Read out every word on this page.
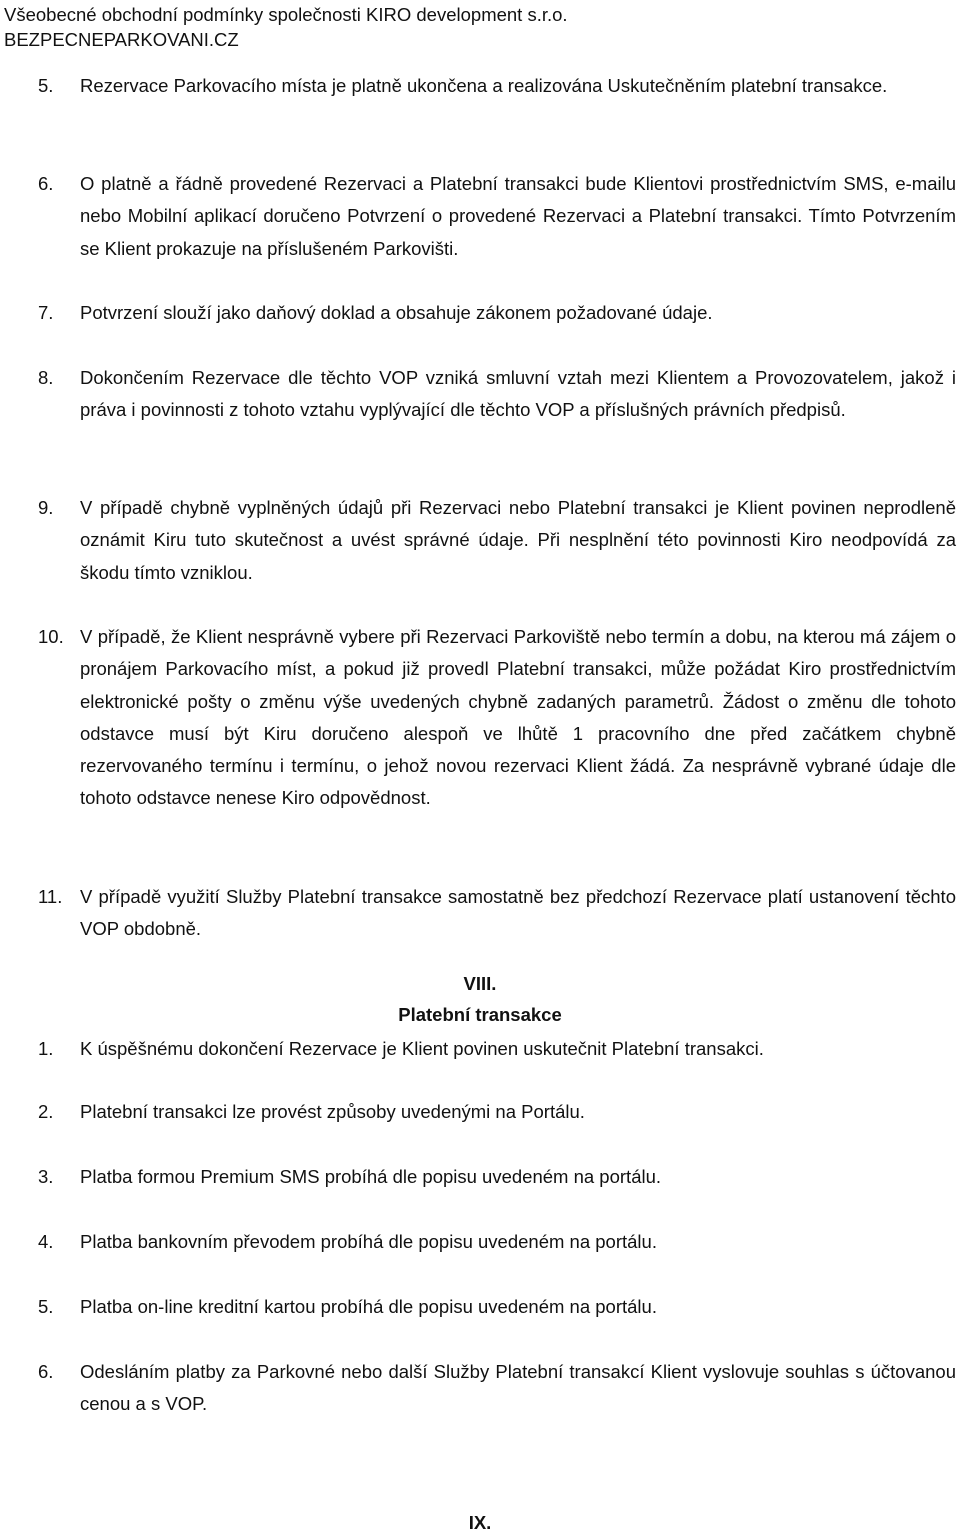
Všeobecné obchodní podmínky společnosti KIRO development s.r.o.
BEZPECNEPARKOVANI.CZ
5. Rezervace Parkovacího místa je platně ukončena a realizována Uskutečněním platební transakce.
6. O platně a řádně provedené Rezervaci a Platební transakci bude Klientovi prostřednictvím SMS, e-mailu nebo Mobilní aplikací doručeno Potvrzení o provedené Rezervaci a Platební transakci. Tímto Potvrzením se Klient prokazuje na příslušeném Parkovišti.
7. Potvrzení slouží jako daňový doklad a obsahuje zákonem požadované údaje.
8. Dokončením Rezervace dle těchto VOP vzniká smluvní vztah mezi Klientem a Provozovatelem, jakož i práva i povinnosti z tohoto vztahu vyplývající dle těchto VOP a příslušných právních předpisů.
9. V případě chybně vyplněných údajů při Rezervaci nebo Platební transakci je Klient povinen neprodleně oznámit Kiru tuto skutečnost a uvést správné údaje. Při nesplnění této povinnosti Kiro neodpovídá za škodu tímto vzniklou.
10. V případě, že Klient nesprávně vybere při Rezervaci Parkoviště nebo termín a dobu, na kterou má zájem o pronájem Parkovacího míst, a pokud již provedl Platební transakci, může požádat Kiro prostřednictvím elektronické pošty o změnu výše uvedených chybně zadaných parametrů. Žádost o změnu dle tohoto odstavce musí být Kiru doručeno alespoň ve lhůtě 1 pracovního dne před začátkem chybně rezervovaného termínu i termínu, o jehož novou rezervaci Klient žádá. Za nesprávně vybrané údaje dle tohoto odstavce nenese Kiro odpovědnost.
11. V případě využití Služby Platební transakce samostatně bez předchozí Rezervace platí ustanovení těchto VOP obdobně.
VIII.
Platební transakce
1. K úspěšnému dokončení Rezervace je Klient povinen uskutečnit Platební transakci.
2. Platební transakci lze provést způsoby uvedenými na Portálu.
3. Platba formou Premium SMS probíhá dle popisu uvedeném na portálu.
4. Platba bankovním převodem probíhá dle popisu uvedeném na portálu.
5. Platba on-line kreditní kartou probíhá dle popisu uvedeném na portálu.
6. Odesláním platby za Parkovné nebo další Služby Platební transakcí Klient vyslovuje souhlas s účtovanou cenou a s VOP.
IX.
